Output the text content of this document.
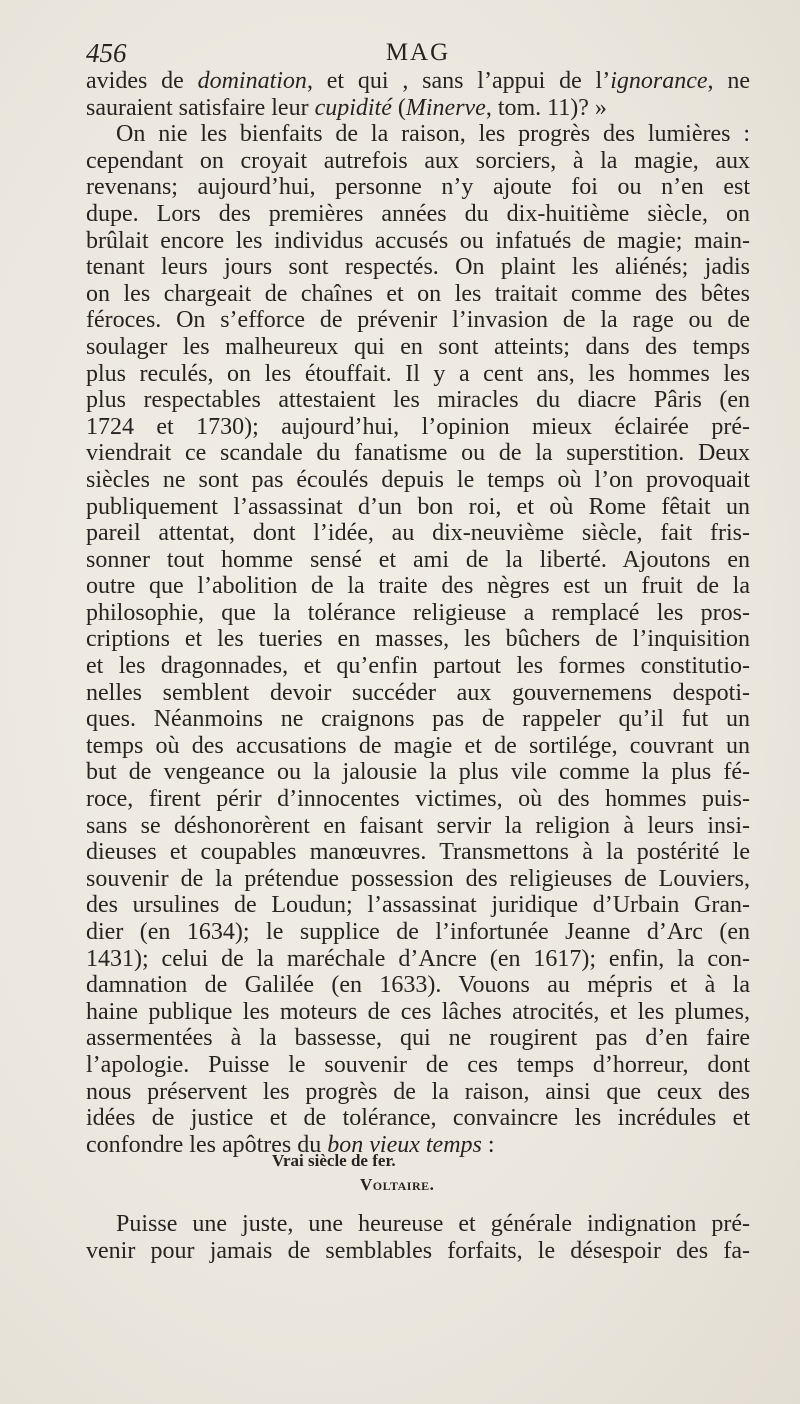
456	MAG
avides de domination, et qui , sans l’appui de l’ignorance, ne
sauraient satisfaire leur cupidité (Minerve, tom. 11)? »
On nie les bienfaits de la raison, les progrès des lumières :
cependant on croyait autrefois aux sorciers, à la magie, aux
revenans; aujourd’hui, personne n’y ajoute foi ou n’en est
dupe. Lors des premières années du dix-huitième siècle, on
brûlait encore les individus accusés ou infatués de magie; main-
tenant leurs jours sont respectés. On plaint les aliénés; jadis
on les chargeait de chaînes et on les traitait comme des bêtes
féroces. On s’efforce de prévenir l’invasion de la rage ou de
soulager les malheureux qui en sont atteints; dans des temps
plus reculés, on les étouffait. Il y a cent ans, les hommes les
plus respectables attestaient les miracles du diacre Pâris (en
1724 et 1730); aujourd’hui, l’opinion mieux éclairée pré-
viendrait ce scandale du fanatisme ou de la superstition. Deux
siècles ne sont pas écoulés depuis le temps où l’on provoquait
publiquement l’assassinat d’un bon roi, et où Rome fêtait un
pareil attentat, dont l’idée, au dix-neuvième siècle, fait fris-
sonner tout homme sensé et ami de la liberté. Ajoutons en
outre que l’abolition de la traite des nègres est un fruit de la
philosophie, que la tolérance religieuse a remplacé les pros-
criptions et les tueries en masses, les bûchers de l’inquisition
et les dragonnades, et qu’enfin partout les formes constitutio-
nelles semblent devoir succéder aux gouvernemens despoti-
ques. Néanmoins ne craignons pas de rappeler qu’il fut un
temps où des accusations de magie et de sortilége, couvrant un
but de vengeance ou la jalousie la plus vile comme la plus fé-
roce, firent périr d’innocentes victimes, où des hommes puis-
sans se déshonorèrent en faisant servir la religion à leurs insi-
dieuses et coupables manœuvres. Transmettons à la postérité le
souvenir de la prétendue possession des religieuses de Louviers,
des ursulines de Loudun; l’assassinat juridique d’Urbain Gran-
dier (en 1634); le supplice de l’infortunée Jeanne d’Arc (en
1431); celui de la maréchale d’Ancre (en 1617); enfin, la con-
damnation de Galilée (en 1633). Vouons au mépris et à la
haine publique les moteurs de ces lâches atrocités, et les plumes,
assermentées à la bassesse, qui ne rougirent pas d’en faire
l’apologie. Puisse le souvenir de ces temps d’horreur, dont
nous préservent les progrès de la raison, ainsi que ceux des
idées de justice et de tolérance, convaincre les incrédules et
confondre les apôtres du bon vieux temps :
Vrai siècle de fer.
Voltaire.
Puisse une juste, une heureuse et générale indignation pré-
venir pour jamais de semblables forfaits, le désespoir des fa-
